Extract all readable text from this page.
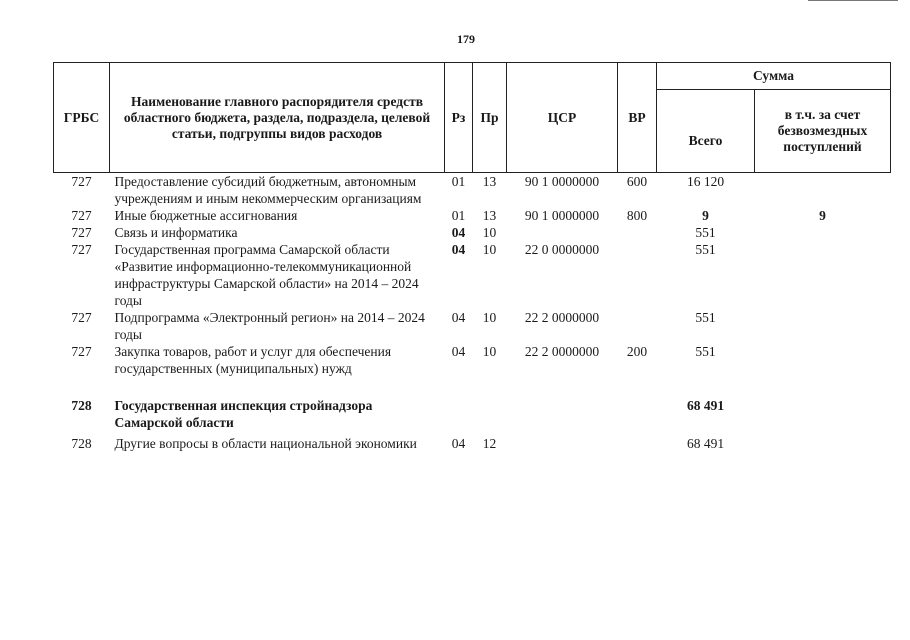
179
ГРБС	Наименование главного распорядителя средств областного бюджета, раздела, подраздела, целевой статьи, подгруппы видов расходов	Рз	Пр	ЦСР	ВР	Сумма	
						Всего	в т.ч. за счет безвозмездных поступлений
727	Предоставление субсидий бюджетным, автономным учреждениям и иным некоммерческим организациям	01	13	90 1 0000000	600	16 120	
727	Иные бюджетные ассигнования	01	13	90 1 0000000	800	9	9
727	Связь и информатика	04	10			551	
727	Государственная программа Самарской области «Развитие информационно-телекоммуникационной инфраструктуры Самарской области» на 2014 – 2024 годы	04	10	22 0 0000000		551	
727	Подпрограмма «Электронный регион» на 2014 – 2024 годы	04	10	22 2 0000000		551	
727	Закупка товаров, работ и услуг для обеспечения государственных (муниципальных) нужд	04	10	22 2 0000000	200	551	

728	Государственная инспекция стройнадзора Самарской области					68 491	
728	Другие вопросы в области национальной экономики	04	12			68 491	
